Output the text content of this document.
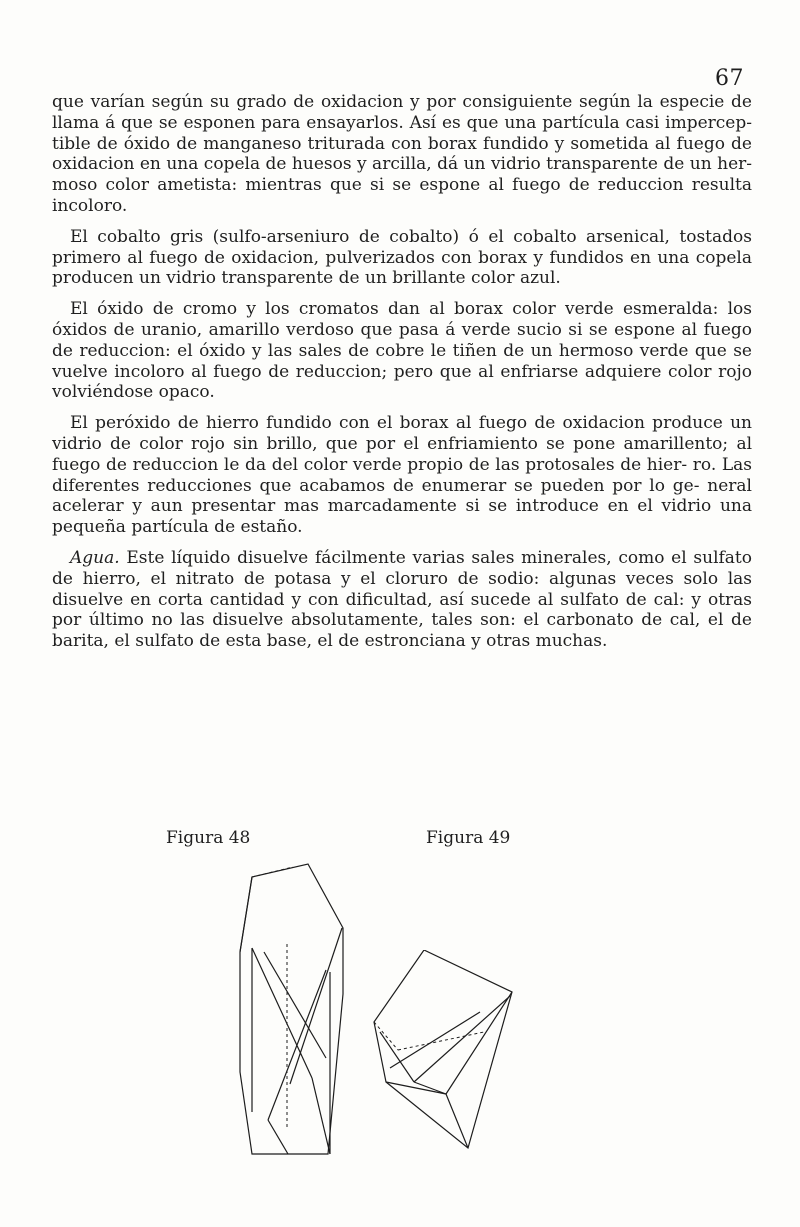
67

que varían según su grado de oxidacion y por consiguiente según la especie de llama á que se esponen para ensayarlos. Así es que una partícula casi impercep- tible de óxido de manganeso triturada con borax fundido y sometida al fuego de oxidacion en una copela de huesos y arcilla, dá un vidrio transparente de un her- moso color ametista: mientras que si se espone al fuego de reduccion resulta incoloro.

El cobalto gris (sulfo-arseniuro de cobalto) ó el cobalto arsenical, tostados primero al fuego de oxidacion, pulverizados con borax y fundidos en una copela producen un vidrio transparente de un brillante color azul.

El óxido de cromo y los cromatos dan al borax color verde esmeralda: los óxidos de uranio, amarillo verdoso que pasa á verde sucio si se espone al fuego de reduccion: el óxido y las sales de cobre le tiñen de un hermoso verde que se vuelve incoloro al fuego de reduccion; pero que al enfriarse adquiere color rojo volviéndose opaco.

El peróxido de hierro fundido con el borax al fuego de oxidacion produce un vidrio de color rojo sin brillo, que por el enfriamiento se pone amarillento; al fuego de reduccion le da del color verde propio de las protosales de hier- ro. Las diferentes reducciones que acabamos de enumerar se pueden por lo ge- neral acelerar y aun presentar mas marcadamente si se introduce en el vidrio una pequeña partícula de estaño.

Agua. Este líquido disuelve fácilmente varias sales minerales, como el sulfato de hierro, el nitrato de potasa y el cloruro de sodio: algunas veces solo las disuelve en corta cantidad y con dificultad, así sucede al sulfato de cal: y otras por último no las disuelve absolutamente, tales son: el carbonato de cal, el de barita, el sulfato de esta base, el de estronciana y otras muchas.

Figura 48	Figura 49
